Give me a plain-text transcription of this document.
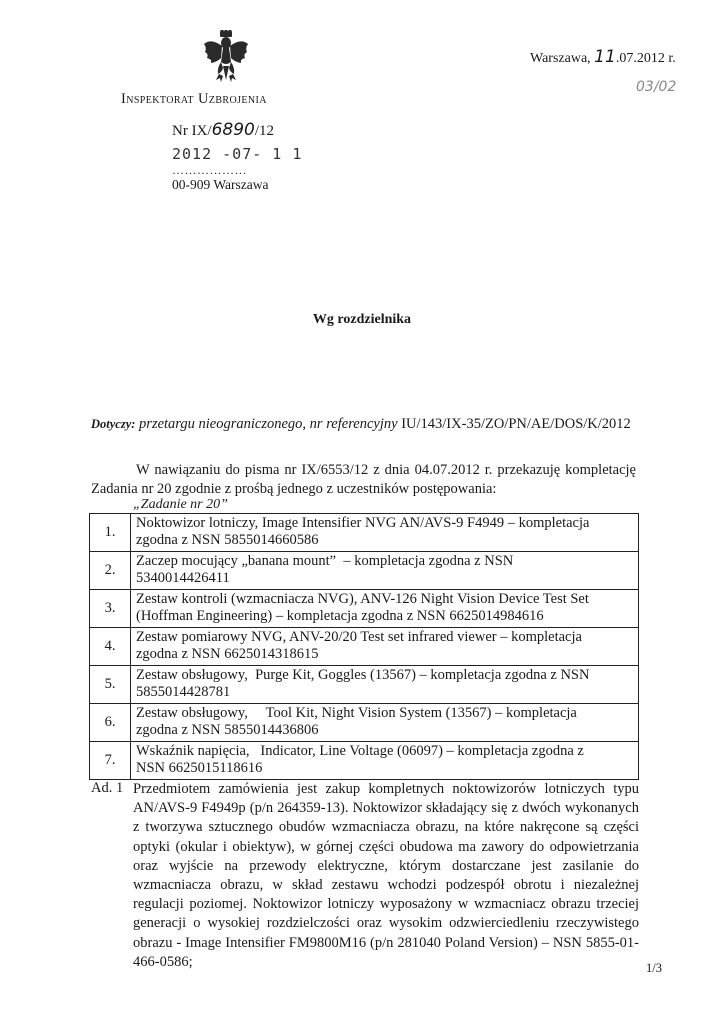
Warszawa, 11.07.2012 r.
03/02
Inspektorat Uzbrojenia
Nr IX/6890/12
2012 -07- 1 1
………………
00-909 Warszawa
Wg rozdzielnika
Dotyczy: przetargu nieograniczonego, nr referencyjny IU/143/IX-35/ZO/PN/AE/DOS/K/2012
W nawiązaniu do pisma nr IX/6553/12 z dnia 04.07.2012 r. przekazuję kompletację
Zadania nr 20 zgodnie z prośbą jednego z uczestników postępowania:
„Zadanie nr 20”
1.	Noktowizor lotniczy, Image Intensifier NVG AN/AVS-9 F4949 – kompletacja
zgodna z NSN 5855014660586

2.	Zaczep mocujący „banana mount”  – kompletacja zgodna z NSN
5340014426411

3.	Zestaw kontroli (wzmacniacza NVG), ANV-126 Night Vision Device Test Set
(Hoffman Engineering) – kompletacja zgodna z NSN 6625014984616

4.	Zestaw pomiarowy NVG, ANV-20/20 Test set infrared viewer – kompletacja
zgodna z NSN 6625014318615

5.	Zestaw obsługowy,  Purge Kit, Goggles (13567) – kompletacja zgodna z NSN
5855014428781

6.	Zestaw obsługowy,     Tool Kit, Night Vision System (13567) – kompletacja
zgodna z NSN 5855014436806

7.	Wskaźnik napięcia,   Indicator, Line Voltage (06097) – kompletacja zgodna z
NSN 6625015118616
Ad. 1 Przedmiotem zamówienia jest zakup kompletnych noktowizorów lotniczych typu AN/AVS-9 F4949p (p/n 264359-13). Noktowizor składający się z dwóch wykonanych z tworzywa sztucznego obudów wzmacniacza obrazu, na które nakręcone są części optyki (okular i obiektyw), w górnej części obudowa ma zawory do odpowietrzania oraz wyjście na przewody elektryczne, którym dostarczane jest zasilanie do wzmacniacza obrazu, w skład zestawu wchodzi podzespół obrotu i niezależnej regulacji poziomej. Noktowizor lotniczy wyposażony w wzmacniacz obrazu trzeciej generacji o wysokiej rozdzielczości oraz wysokim odzwierciedleniu rzeczywistego obrazu - Image Intensifier FM9800M16 (p/n 281040 Poland Version) – NSN 5855-01-466-0586;	1/3
